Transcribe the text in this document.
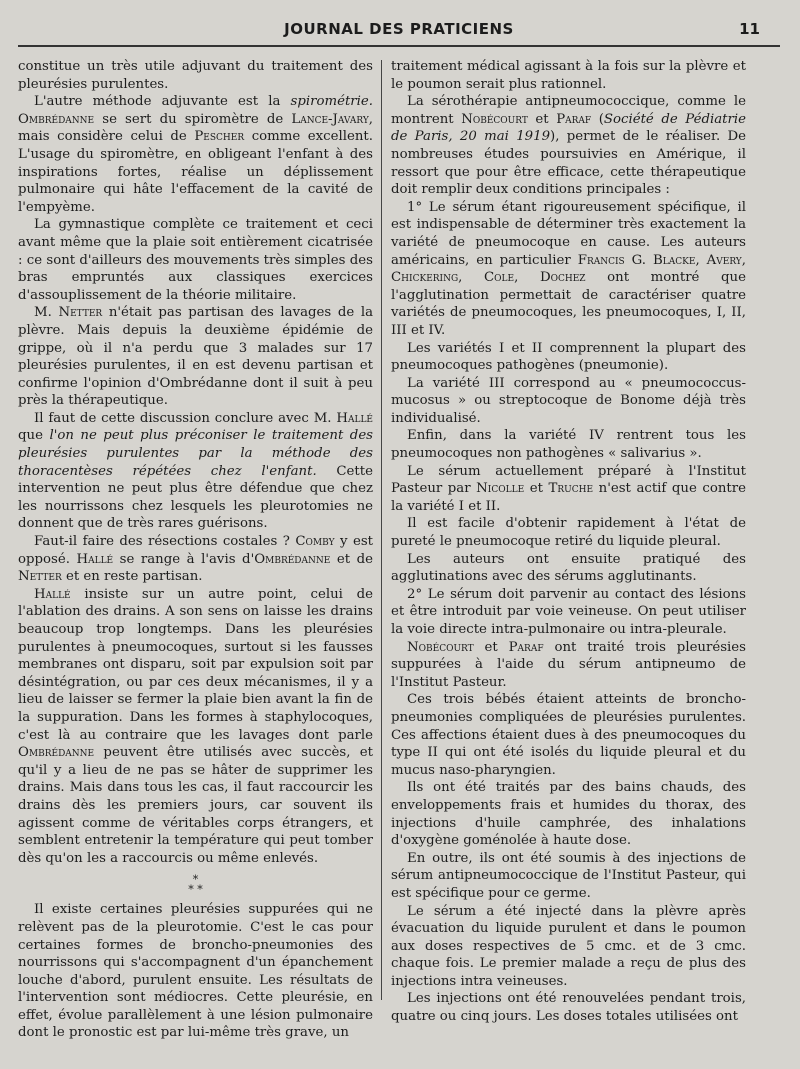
JOURNAL DES PRATICIENS	11

constitue un très utile adjuvant du traitement des pleurésies purulentes.

L'autre méthode adjuvante est la spirométrie. Ombrédanne se sert du spiromètre de Lance-Javary, mais considère celui de Pescher comme excellent. L'usage du spiromètre, en obligeant l'enfant à des inspirations fortes, réalise un déplissement pulmonaire qui hâte l'effacement de la cavité de l'empyème.

La gymnastique complète ce traitement et ceci avant même que la plaie soit entièrement cicatrisée : ce sont d'ailleurs des mouvements très simples des bras empruntés aux classiques exercices d'assouplissement de la théorie militaire.

M. Netter n'était pas partisan des lavages de la plèvre. Mais depuis la deuxième épidémie de grippe, où il n'a perdu que 3 malades sur 17 pleurésies purulentes, il en est devenu partisan et confirme l'opinion d'Ombrédanne dont il suit à peu près la thérapeutique.

Il faut de cette discussion conclure avec M. Hallé que l'on ne peut plus préconiser le traitement des pleurésies purulentes par la méthode des thoracentèses répétées chez l'enfant. Cette intervention ne peut plus être défendue que chez les nourrissons chez lesquels les pleurotomies ne donnent que de très rares guérisons.

Faut-il faire des résections costales ? Comby y est opposé. Hallé se range à l'avis d'Ombrédanne et de Netter et en reste partisan.

Hallé insiste sur un autre point, celui de l'ablation des drains. A son sens on laisse les drains beaucoup trop longtemps. Dans les pleurésies purulentes à pneumocoques, surtout si les fausses membranes ont disparu, soit par expulsion soit par désintégration, ou par ces deux mécanismes, il y a lieu de laisser se fermer la plaie bien avant la fin de la suppuration. Dans les formes à staphylocoques, c'est là au contraire que les lavages dont parle Ombrédanne peuvent être utilisés avec succès, et qu'il y a lieu de ne pas se hâter de supprimer les drains. Mais dans tous les cas, il faut raccourcir les drains dès les premiers jours, car souvent ils agissent comme de véritables corps étrangers, et semblent entretenir la température qui peut tomber dès qu'on les a raccourcis ou même enlevés.

*
* *

Il existe certaines pleurésies suppurées qui ne relèvent pas de la pleurotomie. C'est le cas pour certaines formes de broncho-pneumonies des nourrissons qui s'accompagnent d'un épanchement louche d'abord, purulent ensuite. Les résultats de l'intervention sont médiocres. Cette pleurésie, en effet, évolue parallèlement à une lésion pulmonaire dont le pronostic est par lui-même très grave, un

traitement médical agissant à la fois sur la plèvre et le poumon serait plus rationnel.

La sérothérapie antipneumococcique, comme le montrent Nobécourt et Paraf (Société de Pédiatrie de Paris, 20 mai 1919), permet de le réaliser. De nombreuses études poursuivies en Amérique, il ressort que pour être efficace, cette thérapeutique doit remplir deux conditions principales :

1° Le sérum étant rigoureusement spécifique, il est indispensable de déterminer très exactement la variété de pneumocoque en cause. Les auteurs américains, en particulier Francis G. Blacke, Avery, Chickering, Cole, Dochez ont montré que l'agglutination permettait de caractériser quatre variétés de pneumocoques, les pneumocoques, I, II, III et IV.

Les variétés I et II comprennent la plupart des pneumocoques pathogènes (pneumonie).

La variété III correspond au « pneumococcus-mucosus » ou streptocoque de Bonome déjà très individualisé.

Enfin, dans la variété IV rentrent tous les pneumocoques non pathogènes « salivarius ».

Le sérum actuellement préparé à l'Institut Pasteur par Nicolle et Truche n'est actif que contre la variété I et II.

Il est facile d'obtenir rapidement à l'état de pureté le pneumocoque retiré du liquide pleural.

Les auteurs ont ensuite pratiqué des agglutinations avec des sérums agglutinants.

2° Le sérum doit parvenir au contact des lésions et être introduit par voie veineuse. On peut utiliser la voie directe intra-pulmonaire ou intra-pleurale.

Nobécourt et Paraf ont traité trois pleurésies suppurées à l'aide du sérum antipneumo de l'Institut Pasteur.

Ces trois bébés étaient atteints de broncho-pneumonies compliquées de pleurésies purulentes. Ces affections étaient dues à des pneumocoques du type II qui ont été isolés du liquide pleural et du mucus naso-pharyngien.

Ils ont été traités par des bains chauds, des enveloppements frais et humides du thorax, des injections d'huile camphrée, des inhalations d'oxygène goménolée à haute dose.

En outre, ils ont été soumis à des injections de sérum antipneumococcique de l'Institut Pasteur, qui est spécifique pour ce germe.

Le sérum a été injecté dans la plèvre après évacuation du liquide purulent et dans le poumon aux doses respectives de 5 cmc. et de 3 cmc. chaque fois. Le premier malade a reçu de plus des injections intra veineuses.

Les injections ont été renouvelées pendant trois, quatre ou cinq jours. Les doses totales utilisées ont
